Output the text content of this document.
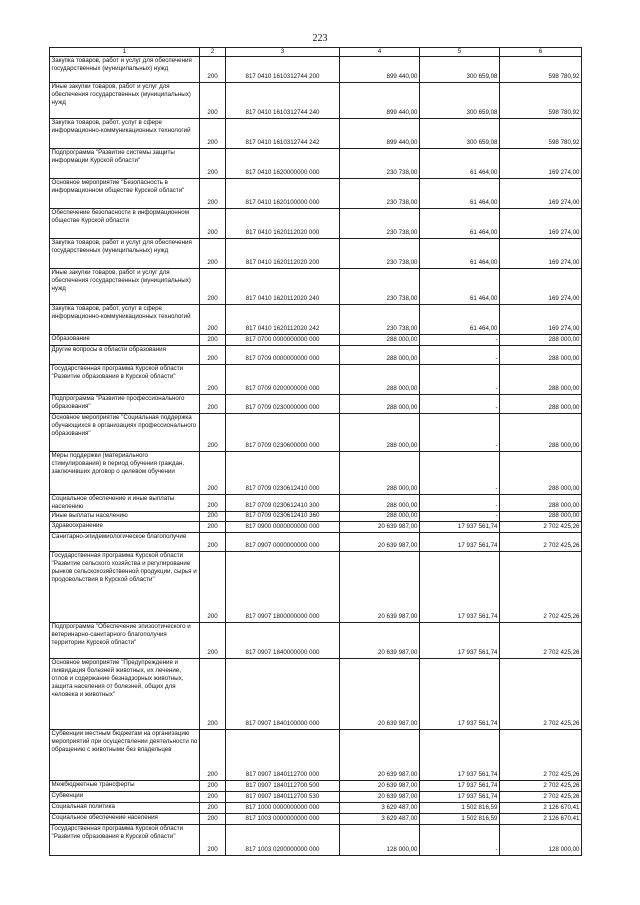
223
1	2	3	4	5	6
Закупка товаров, работ и услуг для обеспечения государственных (муниципальных) нужд	200	817 0410 1610312744 200	899 440,00	300 659,08	598 780,92
Иные закупки товаров, работ и услуг для обеспечения государственных (муниципальных) нужд	200	817 0410 1610312744 240	899 440,00	300 659,08	598 780,92
Закупка товаров, работ, услуг в сфере информационно-коммуникационных технологий	200	817 0410 1610312744 242	899 440,00	300 659,08	598 780,92
Подпрограмма "Развитие системы защиты информации Курской области"	200	817 0410 1620000000 000	230 738,00	61 464,00	169 274,00
Основное мероприятие "Безопасность в информационном обществе Курской области"	200	817 0410 1620100000 000	230 738,00	61 464,00	169 274,00
Обеспечение безопасности в информационном обществе Курской области	200	817 0410 1620112020 000	230 738,00	61 464,00	169 274,00
Закупка товаров, работ и услуг для обеспечения государственных (муниципальных) нужд	200	817 0410 1620112020 200	230 738,00	61 464,00	169 274,00
Иные закупки товаров, работ и услуг для обеспечения государственных (муниципальных) нужд	200	817 0410 1620112020 240	230 738,00	61 464,00	169 274,00
Закупка товаров, работ, услуг в сфере информационно-коммуникационных технологий	200	817 0410 1620112020 242	230 738,00	61 464,00	169 274,00
Образование	200	817 0700 0000000000 000	288 000,00	-	288 000,00
Другие вопросы в области образования	200	817 0709 0000000000 000	288 000,00	-	288 000,00
Государственная программа Курской области "Развитие образования в Курской области"	200	817 0709 0200000000 000	288 000,00	-	288 000,00
Подпрограмма "Развитие профессионального образования"	200	817 0709 0230000000 000	288 000,00	-	288 000,00
Основное мероприятие "Социальная поддержка обучающихся в организациях профессионального образования"	200	817 0709 0230600000 000	288 000,00	-	288 000,00
Меры поддержки (материального стимулирования) в период обучения граждан, заключивших договор о целевом обучении	200	817 0709 0230612410 000	288 000,00	-	288 000,00
Социальное обеспечение и иные выплаты населению	200	817 0709 0230612410 300	288 000,00	-	288 000,00
Иные выплаты населению	200	817 0709 0230612410 360	288 000,00	-	288 000,00
Здравоохранение	200	817 0900 0000000000 000	20 639 987,00	17 937 561,74	2 702 425,26
Санитарно-эпидемиологическое благополучие	200	817 0907 0000000000 000	20 639 987,00	17 937 561,74	2 702 425,26
Государственная программа Курской области "Развитие сельского хозяйства и регулирование рынков сельскохозяйственной продукции, сырья и продовольствия в Курской области"	200	817 0907 1800000000 000	20 639 987,00	17 937 561,74	2 702 425,26
Подпрограмма "Обеспечение эпизоотического и ветеринарно-санитарного благополучия территории Курской области"	200	817 0907 1840000000 000	20 639 987,00	17 937 561,74	2 702 425,26
Основное мероприятие "Предупреждение и ликвидация болезней животных, их лечение, отлов и содержание безнадзорных животных, защита населения от болезней, общих для человека и животных"	200	817 0907 1840100000 000	20 639 987,00	17 937 561,74	2 702 425,26
Субвенции местным бюджетам на организацию мероприятий при осуществлении деятельности по обращению с животными без владельцев	200	817 0907 1840112700 000	20 639 987,00	17 937 561,74	2 702 425,26
Межбюджетные трансферты	200	817 0907 1840112700 500	20 639 987,00	17 937 561,74	2 702 425,26
Субвенции	200	817 0907 1840112700 530	20 639 987,00	17 937 561,74	2 702 425,26
Социальная политика	200	817 1000 0000000000 000	3 629 487,00	1 502 816,59	2 126 670,41
Социальное обеспечение населения	200	817 1003 0000000000 000	3 629 487,00	1 502 816,59	2 126 670,41
Государственная программа Курской области "Развитие образования в Курской области"	200	817 1003 0200000000 000	128 000,00	-	128 000,00
